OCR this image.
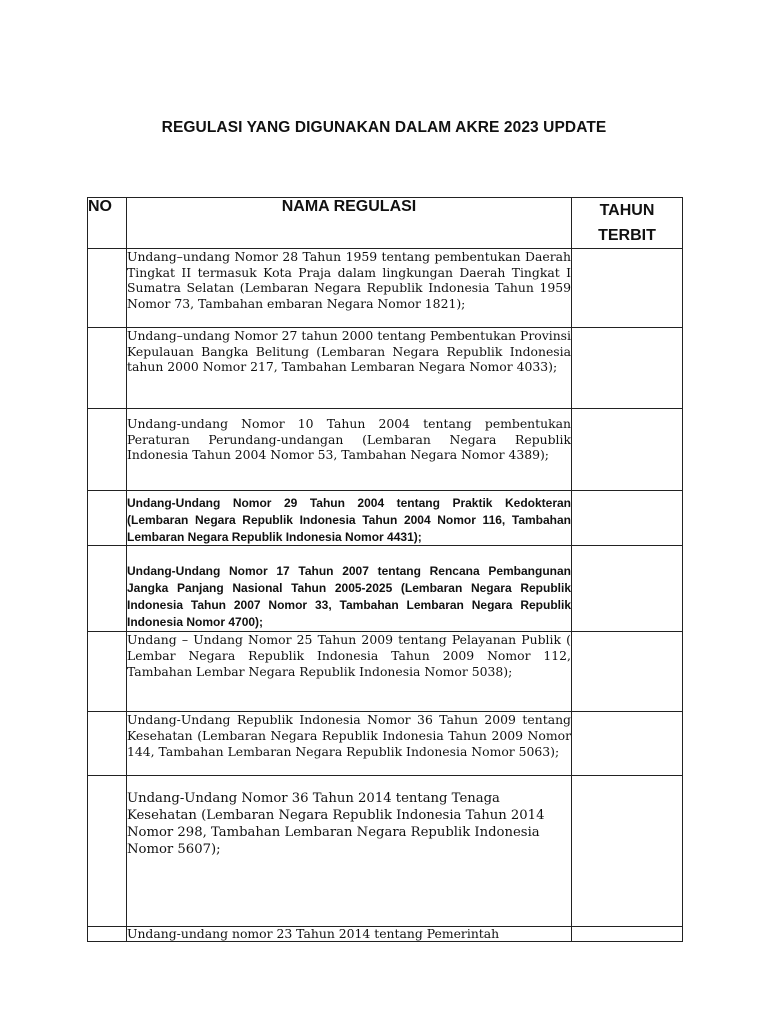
REGULASI YANG DIGUNAKAN DALAM AKRE 2023 UPDATE
NO	NAMA REGULASI	TAHUN TERBIT

	Undang–undang Nomor 28 Tahun 1959 tentang pembentukan Daerah Tingkat II termasuk Kota Praja dalam lingkungan Daerah Tingkat I Sumatra Selatan (Lembaran Negara Republik Indonesia Tahun 1959 Nomor 73, Tambahan embaran Negara Nomor 1821);	

	Undang–undang Nomor 27 tahun 2000 tentang Pembentukan Provinsi Kepulauan Bangka Belitung (Lembaran Negara Republik Indonesia tahun 2000 Nomor 217, Tambahan Lembaran Negara Nomor 4033);	

	Undang-undang Nomor 10 Tahun 2004 tentang pembentukan Peraturan Perundang-undangan (Lembaran Negara Republik Indonesia Tahun 2004 Nomor 53, Tambahan Negara Nomor 4389);	

	Undang-Undang Nomor 29 Tahun 2004 tentang Praktik Kedokteran (Lembaran Negara Republik Indonesia Tahun 2004 Nomor 116, Tambahan Lembaran Negara Republik Indonesia Nomor 4431);	

	Undang-Undang Nomor 17 Tahun 2007 tentang Rencana Pembangunan Jangka Panjang Nasional Tahun 2005-2025 (Lembaran Negara Republik Indonesia Tahun 2007 Nomor 33, Tambahan Lembaran Negara Republik Indonesia Nomor 4700);	

	Undang – Undang Nomor 25 Tahun 2009 tentang Pelayanan Publik ( Lembar Negara Republik Indonesia Tahun 2009 Nomor 112, Tambahan Lembar Negara Republik Indonesia Nomor 5038);	

	Undang-Undang Republik Indonesia Nomor 36 Tahun 2009 tentang Kesehatan (Lembaran Negara Republik Indonesia Tahun 2009 Nomor 144, Tambahan Lembaran Negara Republik Indonesia Nomor 5063);	

	Undang-Undang Nomor 36 Tahun 2014 tentang Tenaga Kesehatan (Lembaran Negara Republik Indonesia Tahun 2014 Nomor 298, Tambahan Lembaran Negara Republik Indonesia Nomor 5607);	

	Undang-undang nomor 23 Tahun 2014 tentang Pemerintah	
